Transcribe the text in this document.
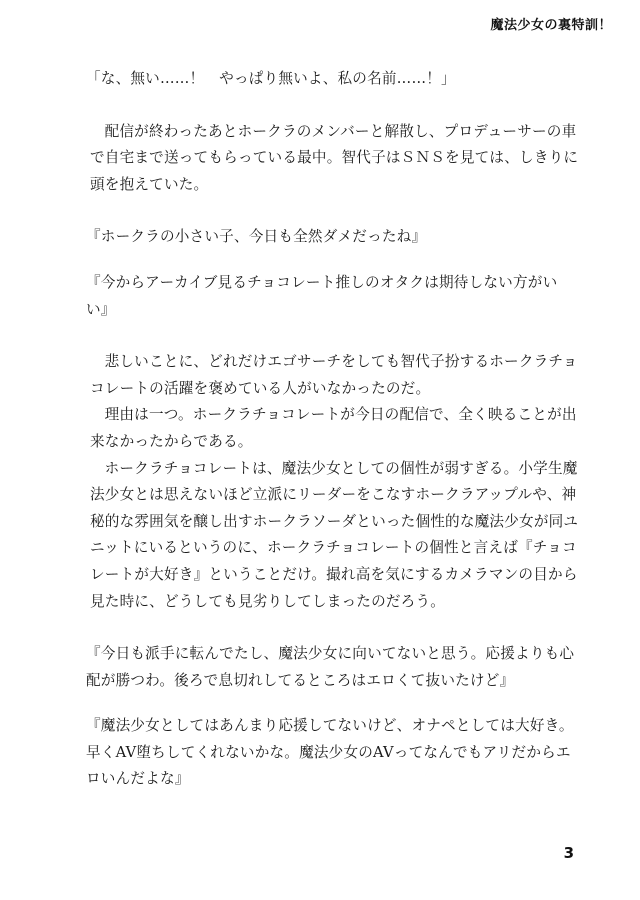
魔法少女の裏特訓！

「な、無い……！　やっぱり無いよ、私の名前……！」

配信が終わったあとホークラのメンバーと解散し、プロデューサーの車で自宅まで送ってもらっている最中。智代子はＳＮＳを見ては、しきりに頭を抱えていた。

『ホークラの小さい子、今日も全然ダメだったね』

『今からアーカイブ見るチョコレート推しのオタクは期待しない方がいい』

悲しいことに、どれだけエゴサーチをしても智代子扮するホークラチョコレートの活躍を褒めている人がいなかったのだ。

理由は一つ。ホークラチョコレートが今日の配信で、全く映ることが出来なかったからである。

ホークラチョコレートは、魔法少女としての個性が弱すぎる。小学生魔法少女とは思えないほど立派にリーダーをこなすホークラアップルや、神秘的な雰囲気を醸し出すホークラソーダといった個性的な魔法少女が同ユニットにいるというのに、ホークラチョコレートの個性と言えば『チョコレートが大好き』ということだけ。撮れ高を気にするカメラマンの目から見た時に、どうしても見劣りしてしまったのだろう。

『今日も派手に転んでたし、魔法少女に向いてないと思う。応援よりも心配が勝つわ。後ろで息切れしてるところはエロくて抜いたけど』

『魔法少女としてはあんまり応援してないけど、オナペとしては大好き。早くAV堕ちしてくれないかな。魔法少女のAVってなんでもアリだからエロいんだよな』

3
